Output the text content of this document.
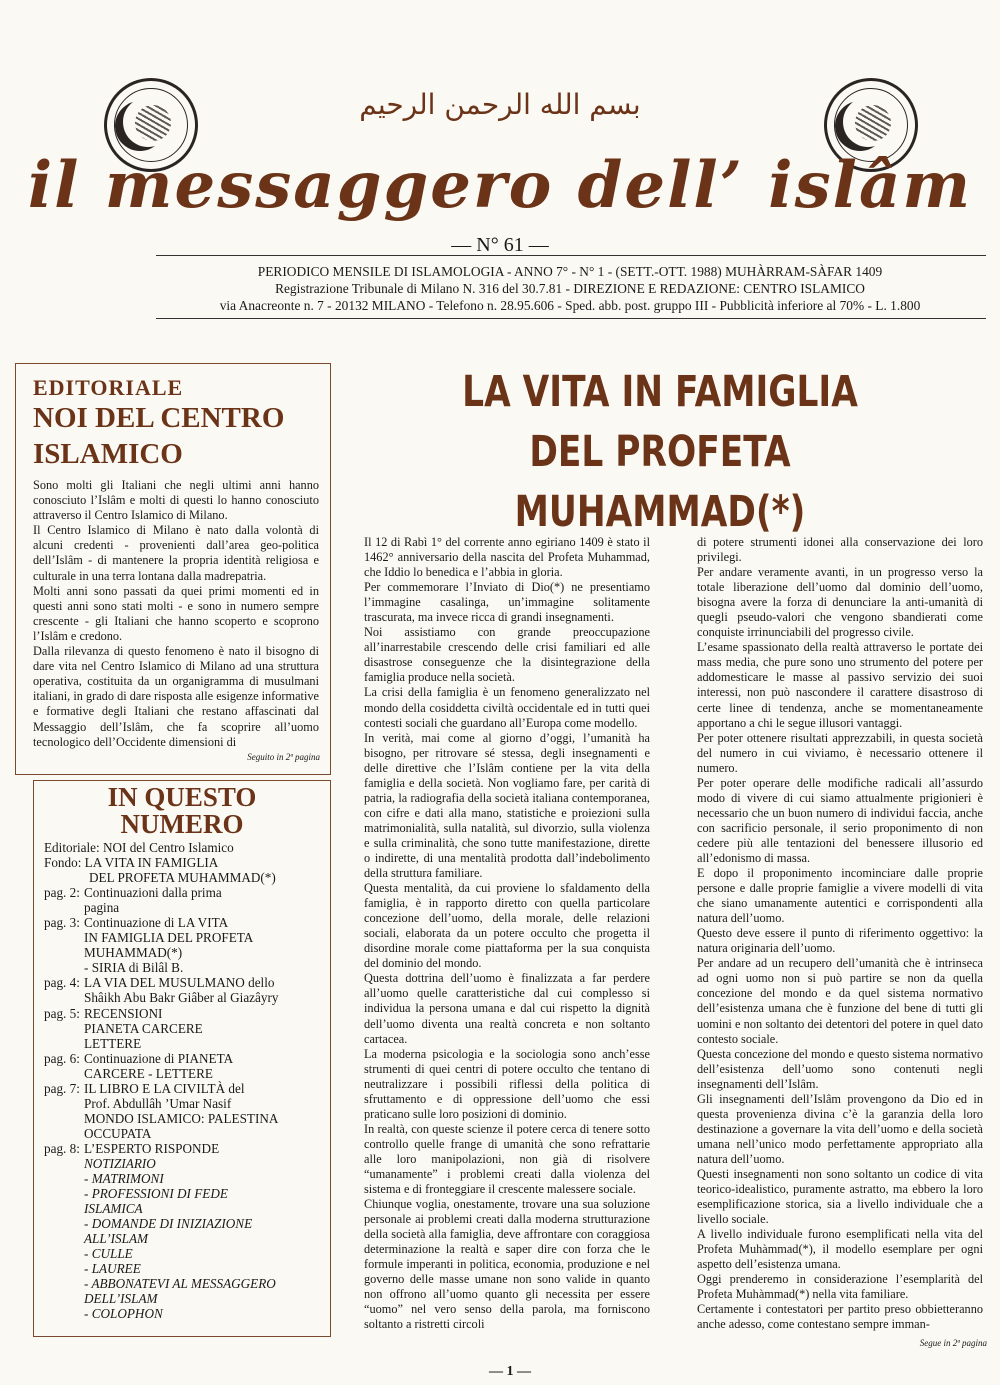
بسم الله الرحمن الرحيم
il messaggero dell’ islâm
— N° 61 —
PERIODICO MENSILE DI ISLAMOLOGIA - ANNO 7° - N° 1 - (SETT.-OTT. 1988) MUHÀRRAM-SÀFAR 1409
Registrazione Tribunale di Milano N. 316 del 30.7.81 - DIREZIONE E REDAZIONE: CENTRO ISLAMICO
via Anacreonte n. 7 - 20132 MILANO - Telefono n. 28.95.606 - Sped. abb. post. gruppo III - Pubblicità inferiore al 70% - L. 1.800
EDITORIALE
NOI DEL CENTRO
ISLAMICO

Sono molti gli Italiani che negli ultimi anni hanno conosciuto l’Islâm e molti di questi lo hanno conosciuto attraverso il Centro Islamico di Milano.

Il Centro Islamico di Milano è nato dalla volontà di alcuni credenti - provenienti dall’area geo-politica dell’Islâm - di mantenere la propria identità religiosa e culturale in una terra lontana dalla madrepatria.

Molti anni sono passati da quei primi momenti ed in questi anni sono stati molti - e sono in numero sempre crescente - gli Italiani che hanno scoperto e scoprono l’Islâm e credono.

Dalla rilevanza di questo fenomeno è nato il bisogno di dare vita nel Centro Islamico di Milano ad una struttura operativa, costituita da un organigramma di musulmani italiani, in grado di dare risposta alle esigenze informative e formative degli Italiani che restano affascinati dal Messaggio dell’Islâm, che fa scoprire all’uomo tecnologico dell’Occidente dimensioni di

Seguito in 2ª pagina
IN QUESTO
NUMERO
Editoriale: NOI del Centro Islamico
Fondo: LA VITA IN FAMIGLIA
DEL PROFETA MUHAMMAD(*)
pag. 2: Continuazioni dalla prima
pagina
pag. 3: Continuazione di LA VITA
IN FAMIGLIA DEL PROFETA
MUHAMMAD(*)
- SIRIA di Bilâl B.
pag. 4: LA VIA DEL MUSULMANO dello
Shâikh Abu Bakr Giâber al Giazâyry
pag. 5: RECENSIONI
PIANETA CARCERE
LETTERE
pag. 6: Continuazione di PIANETA
CARCERE - LETTERE
pag. 7: IL LIBRO E LA CIVILTÀ del
Prof. Abdullâh ’Umar Nasif
MONDO ISLAMICO: PALESTINA
OCCUPATA
pag. 8: L’ESPERTO RISPONDE
NOTIZIARIO
- MATRIMONI
- PROFESSIONI DI FEDE
ISLAMICA
- DOMANDE DI INIZIAZIONE
ALL’ISLAM
- CULLE
- LAUREE
- ABBONATEVI AL MESSAGGERO
DELL’ISLAM
- COLOPHON
LA VITA IN FAMIGLIA
DEL PROFETA
MUHAMMAD(*)

Il 12 di Rabì 1° del corrente anno egiriano 1409 è stato il 1462° anniversario della nascita del Profeta Muhammad, che Iddio lo benedica e l’abbia in gloria.

Per commemorare l’Inviato di Dio(*) ne presentiamo l’immagine casalinga, un’immagine solitamente trascurata, ma invece ricca di grandi insegnamenti.

Noi assistiamo con grande preoccupazione all’inarrestabile crescendo delle crisi familiari ed alle disastrose conseguenze che la disintegrazione della famiglia produce nella società.

La crisi della famiglia è un fenomeno generalizzato nel mondo della cosiddetta civiltà occidentale ed in tutti quei contesti sociali che guardano all’Europa come modello.

In verità, mai come al giorno d’oggi, l’umanità ha bisogno, per ritrovare sé stessa, degli insegnamenti e delle direttive che l’Islâm contiene per la vita della famiglia e della società. Non vogliamo fare, per carità di patria, la radiografia della società italiana contemporanea, con cifre e dati alla mano, statistiche e proiezioni sulla matrimonialità, sulla natalità, sul divorzio, sulla violenza e sulla criminalità, che sono tutte manifestazione, dirette o indirette, di una mentalità prodotta dall’indebolimento della struttura familiare.

Questa mentalità, da cui proviene lo sfaldamento della famiglia, è in rapporto diretto con quella particolare concezione dell’uomo, della morale, delle relazioni sociali, elaborata da un potere occulto che progetta il disordine morale come piattaforma per la sua conquista del dominio del mondo.

Questa dottrina dell’uomo è finalizzata a far perdere all’uomo quelle caratteristiche dal cui complesso si individua la persona umana e dal cui rispetto la dignità dell’uomo diventa una realtà concreta e non soltanto cartacea.

La moderna psicologia e la sociologia sono anch’esse strumenti di quei centri di potere occulto che tentano di neutralizzare i possibili riflessi della politica di sfruttamento e di oppressione dell’uomo che essi praticano sulle loro posizioni di dominio.

In realtà, con queste scienze il potere cerca di tenere sotto controllo quelle frange di umanità che sono refrattarie alle loro manipolazioni, non già di risolvere “umanamente” i problemi creati dalla violenza del sistema e di fronteggiare il crescente malessere sociale.

Chiunque voglia, onestamente, trovare una sua soluzione personale ai problemi creati dalla moderna strutturazione della società alla famiglia, deve affrontare con coraggiosa determinazione la realtà e saper dire con forza che le formule imperanti in politica, economia, produzione e nel governo delle masse umane non sono valide in quanto non offrono all’uomo quanto gli necessita per essere “uomo” nel vero senso della parola, ma forniscono soltanto a ristretti circoli

di potere strumenti idonei alla conservazione dei loro privilegi.

Per andare veramente avanti, in un progresso verso la totale liberazione dell’uomo dal dominio dell’uomo, bisogna avere la forza di denunciare la anti-umanità di quegli pseudo-valori che vengono sbandierati come conquiste irrinunciabili del progresso civile.

L’esame spassionato della realtà attraverso le portate dei mass media, che pure sono uno strumento del potere per addomesticare le masse al passivo servizio dei suoi interessi, non può nascondere il carattere disastroso di certe linee di tendenza, anche se momentaneamente apportano a chi le segue illusori vantaggi.

Per poter ottenere risultati apprezzabili, in questa società del numero in cui viviamo, è necessario ottenere il numero.

Per poter operare delle modifiche radicali all’assurdo modo di vivere di cui siamo attualmente prigionieri è necessario che un buon numero di individui faccia, anche con sacrificio personale, il serio proponimento di non cedere più alle tentazioni del benessere illusorio ed all’edonismo di massa.

E dopo il proponimento incominciare dalle proprie persone e dalle proprie famiglie a vivere modelli di vita che siano umanamente autentici e corrispondenti alla natura dell’uomo.

Questo deve essere il punto di riferimento oggettivo: la natura originaria dell’uomo.

Per andare ad un recupero dell’umanità che è intrinseca ad ogni uomo non si può partire se non da quella concezione del mondo e da quel sistema normativo dell’esistenza umana che è funzione del bene di tutti gli uomini e non soltanto dei detentori del potere in quel dato contesto sociale.

Questa concezione del mondo e questo sistema normativo dell’esistenza dell’uomo sono contenuti negli insegnamenti dell’Islâm.

Gli insegnamenti dell’Islâm provengono da Dio ed in questa provenienza divina c’è la garanzia della loro destinazione a governare la vita dell’uomo e della società umana nell’unico modo perfettamente appropriato alla natura dell’uomo.

Questi insegnamenti non sono soltanto un codice di vita teorico-idealistico, puramente astratto, ma ebbero la loro esemplificazione storica, sia a livello individuale che a livello sociale.

A livello individuale furono esemplificati nella vita del Profeta Muhàmmad(*), il modello esemplare per ogni aspetto dell’esistenza umana.

Oggi prenderemo in considerazione l’esemplarità del Profeta Muhàmmad(*) nella vita familiare.

Certamente i contestatori per partito preso obbietteranno anche adesso, come contestano sempre imman-

Segue in 2ª pagina
— 1 —
